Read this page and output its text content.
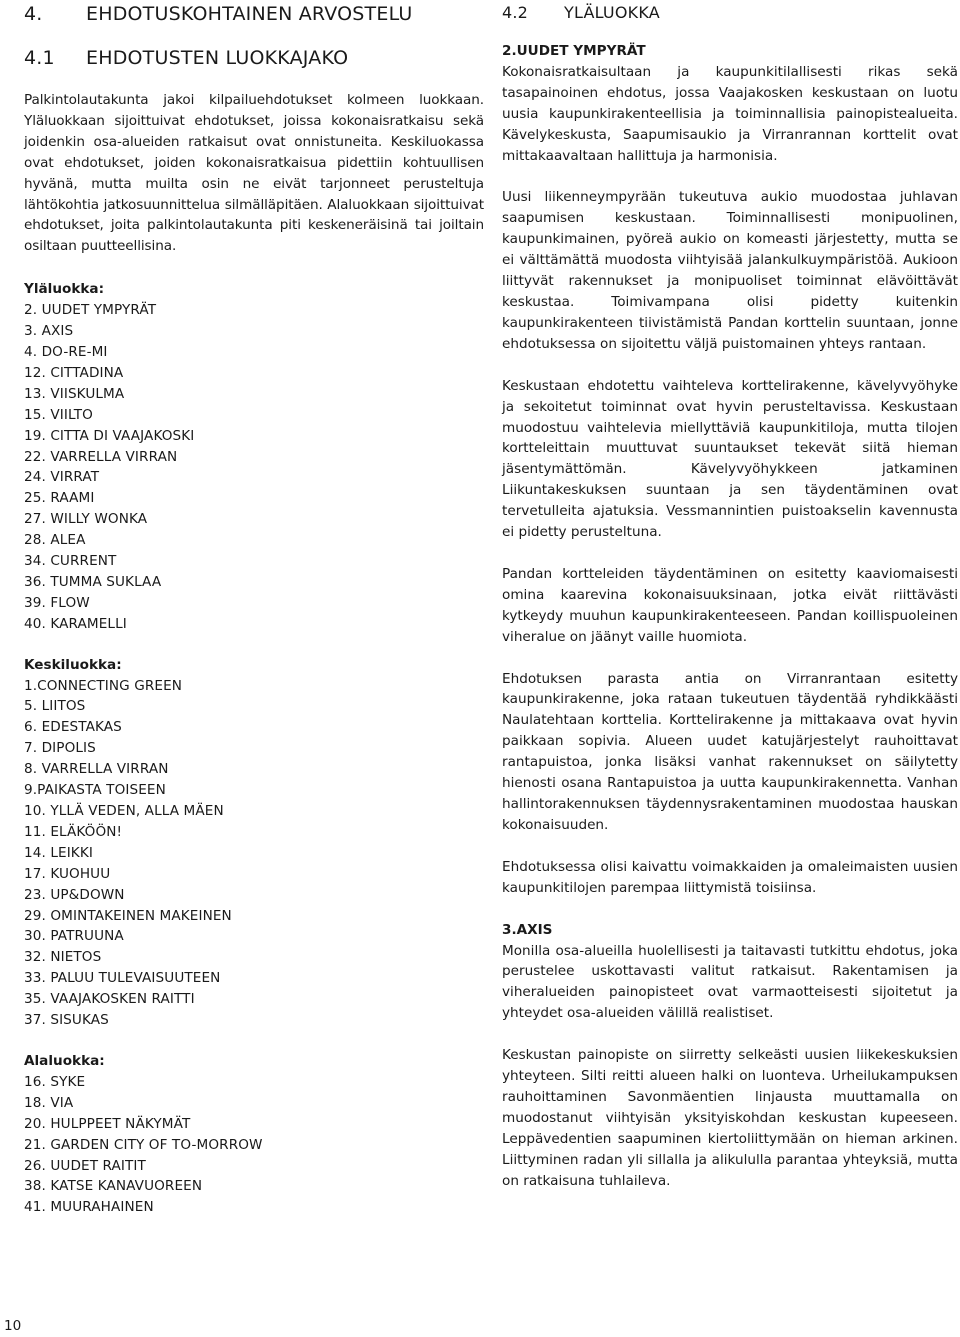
4. EHDOTUSKOHTAINEN ARVOSTELU
4.1 EHDOTUSTEN LUOKKAJAKO

Palkintolautakunta jakoi kilpailuehdotukset kolmeen luokkaan. Yläluokkaan sijoittuivat ehdotukset, joissa kokonaisratkaisu sekä joidenkin osa-alueiden ratkaisut ovat onnistuneita. Keskiluokassa ovat ehdotukset, joiden kokonaisratkaisua pidettiin kohtuullisen hyvänä, mutta muilta osin ne eivät tarjonneet perusteltuja lähtökohtia jatkosuunnittelua silmälläpitäen. Alaluokkaan sijoittuivat ehdotukset, joita palkintolautakunta piti keskeneräisinä tai joiltain osiltaan puutteellisina.

Yläluokka:
2. UUDET YMPYRÄT
3. AXIS
4. DO-RE-MI
12. CITTADINA
13. VIISKULMA
15. VIILTO
19. CITTA DI VAAJAKOSKI
22. VARRELLA VIRRAN
24. VIRRAT
25. RAAMI
27. WILLY WONKA
28. ALEA
34. CURRENT
36. TUMMA SUKLAA
39. FLOW
40. KARAMELLI
Keskiluokka:
1.CONNECTING GREEN
5. LIITOS
6. EDESTAKAS
7. DIPOLIS
8. VARRELLA VIRRAN
9.PAIKASTA TOISEEN
10. YLLÄ VEDEN, ALLA MÄEN
11. ELÄKÖÖN!
14. LEIKKI
17. KUOHUU
23. UP&DOWN
29. OMINTAKEINEN MAKEINEN
30. PATRUUNA
32. NIETOS
33. PALUU TULEVAISUUTEEN
35. VAAJAKOSKEN RAITTI
37. SISUKAS
Alaluokka:
16. SYKE
18. VIA
20. HULPPEET NÄKYMÄT
21. GARDEN CITY OF TO-MORROW
26. UUDET RAITIT
38. KATSE KANAVUOREEN
41. MUURAHAINEN
4.2 YLÄLUOKKA
2.UUDET YMPYRÄT

Kokonaisratkaisultaan ja kaupunkitilallisesti rikas sekä tasapainoinen ehdotus, jossa Vaajakosken keskustaan on luotu uusia kaupunkirakenteellisia ja toiminnallisia painopistealueita. Kävelykeskusta, Saapumisaukio ja Virranrannan korttelit ovat mittakaavaltaan hallittuja ja harmonisia.

Uusi liikenneympyrään tukeutuva aukio muodostaa juhlavan saapumisen keskustaan. Toiminnallisesti monipuolinen, kaupunkimainen, pyöreä aukio on komeasti järjestetty, mutta se ei välttämättä muodosta viihtyisää jalankulkuympäristöä. Aukioon liittyvät rakennukset ja monipuoliset toiminnat elävöittävät keskustaa. Toimivampana olisi pidetty kuitenkin kaupunkirakenteen tiivistämistä Pandan korttelin suuntaan, jonne ehdotuksessa on sijoitettu väljä puistomainen yhteys rantaan.

Keskustaan ehdotettu vaihteleva korttelirakenne, kävelyvyöhyke ja sekoitetut toiminnat ovat hyvin perusteltavissa. Keskustaan muodostuu vaihtelevia miellyttäviä kaupunkitiloja, mutta tilojen kortteleittain muuttuvat suuntaukset tekevät siitä hieman jäsentymättömän. Kävelyvyöhykkeen jatkaminen Liikuntakeskuksen suuntaan ja sen täydentäminen ovat tervetulleita ajatuksia. Vessmannintien puistoakselin kavennusta ei pidetty perusteltuna.

Pandan kortteleiden täydentäminen on esitetty kaaviomaisesti omina kaarevina kokonaisuuksinaan, jotka eivät riittävästi kytkeydy muuhun kaupunkirakenteeseen. Pandan koillispuoleinen viheralue on jäänyt vaille huomiota.

Ehdotuksen parasta antia on Virranrantaan esitetty kaupunkirakenne, joka rataan tukeutuen täydentää ryhdikkäästi Naulatehtaan korttelia. Korttelirakenne ja mittakaava ovat hyvin paikkaan sopivia. Alueen uudet katujärjestelyt rauhoittavat rantapuistoa, jonka lisäksi vanhat rakennukset on säilytetty hienosti osana Rantapuistoa ja uutta kaupunkirakennetta. Vanhan hallintorakennuksen täydennysrakentaminen muodostaa hauskan kokonaisuuden.

Ehdotuksessa olisi kaivattu voimakkaiden ja omaleimaisten uusien kaupunkitilojen parempaa liittymistä toisiinsa.

3.AXIS

Monilla osa-alueilla huolellisesti ja taitavasti tutkittu ehdotus, joka perustelee uskottavasti valitut ratkaisut. Rakentamisen ja viheralueiden painopisteet ovat varmaotteisesti sijoitetut ja yhteydet osa-alueiden välillä realistiset.

Keskustan painopiste on siirretty selkeästi uusien liikekeskuksien yhteyteen. Silti reitti alueen halki on luonteva. Urheilukampuksen rauhoittaminen Savonmäentien linjausta muuttamalla on muodostanut viihtyisän yksityiskohdan keskustan kupeeseen. Leppävedentien saapuminen kiertoliittymään on hieman arkinen. Liittyminen radan yli sillalla ja alikululla parantaa yhteyksiä, mutta on ratkaisuna tuhlaileva.

10
